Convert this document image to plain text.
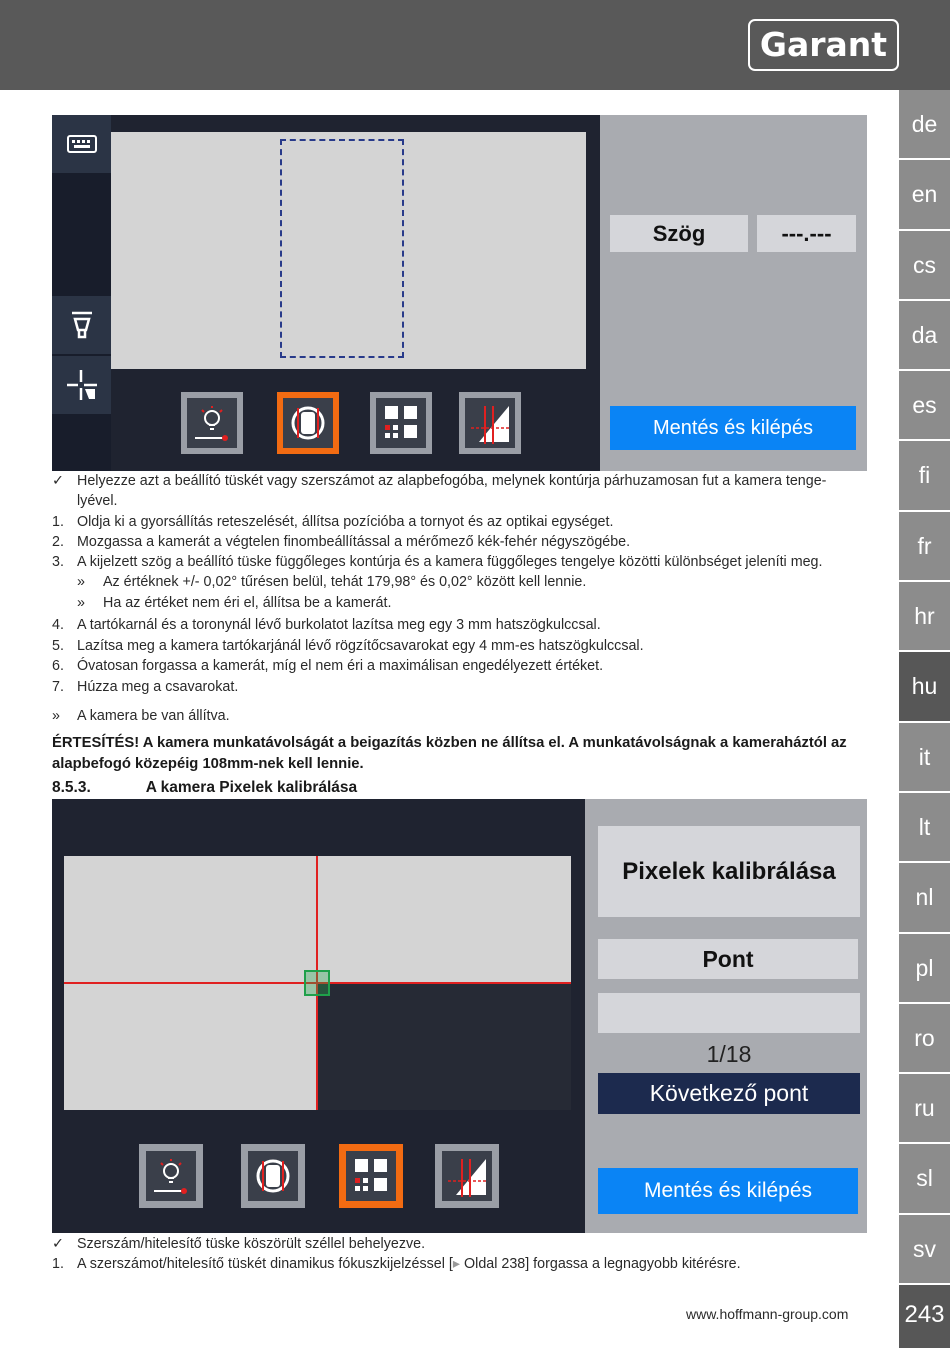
Garant
de
en
cs
da
es
fi
fr
hr
hu
it
lt
nl
pl
ro
ru
sl
sv
243
Szög	---.---
Mentés és kilépés
✓ Helyezze azt a beállító tüskét vagy szerszámot az alapbefogóba, melynek kontúrja párhuzamosan fut a kamera tenge-
lyével.
1. Oldja ki a gyorsállítás reteszelését, állítsa pozícióba a tornyot és az optikai egységet.
2. Mozgassa a kamerát a végtelen finombeállítással a mérőmező kék-fehér négyszögébe.
3. A kijelzett szög a beállító tüske függőleges kontúrja és a kamera függőleges tengelye közötti különbséget jeleníti meg.
» Az értéknek +/- 0,02° tűrésen belül, tehát 179,98° és 0,02° között kell lennie.
» Ha az értéket nem éri el, állítsa be a kamerát.
4. A tartókarnál és a toronynál lévő burkolatot lazítsa meg egy 3 mm hatszögkulccsal.
5. Lazítsa meg a kamera tartókarjánál lévő rögzítőcsavarokat egy 4 mm-es hatszögkulccsal.
6. Óvatosan forgassa a kamerát, míg el nem éri a maximálisan engedélyezett értéket.
7. Húzza meg a csavarokat.
» A kamera be van állítva.
ÉRTESÍTÉS! A kamera munkatávolságát a beigazítás közben ne állítsa el. A munkatávolságnak a kameraháztól az alapbefogó közepéig 108mm-nek kell lennie.
8.5.3.	A kamera Pixelek kalibrálása
Pixelek kalibrálása
Pont
1/18
Következő pont
Mentés és kilépés
✓ Szerszám/hitelesítő tüske köszörült széllel behelyezve.
1. A szerszámot/hitelesítő tüskét dinamikus fókuszkijelzéssel [▸ Oldal 238] forgassa a legnagyobb kitérésre.
www.hoffmann-group.com
